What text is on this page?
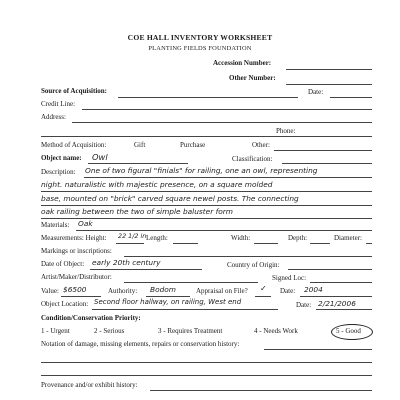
COE HALL INVENTORY WORKSHEET
PLANTING FIELDS FOUNDATION
Accession Number:
Other Number:
Source of Acquisition:	Date:
Credit Line:
Address:
Phone:
Method of Acquisition:	Gift	Purchase	Other:
Object name: Owl	Classification:
Description: One of two figural "finials" for railing, one an owl, representing
night. naturalistic with majestic presence, on a square molded
base, mounted on "brick" carved square newel posts. The connecting
oak railing between the two of simple baluster form
Materials: Oak
Measurements: Height: 22 1/2 in Length:	Width:	Depth:	Diameter:
Markings or inscriptions:
Date of Object: early 20th century	Country of Origin:
Artist/Maker/Distributor:	Signed Loc:
Value: $6500	Authority: Bodom	Appraisal on File? ✓ Date: 2004
Object Location: Second floor hallway, on railing, West end	Date: 2/21/2006
Condition/Conservation Priority:
1 - Urgent	2 - Serious	3 - Requires Treatment	4 - Needs Work	5 - Good
Notation of damage, missing elements, repairs or conservation history:
Provenance and/or exhibit history:
